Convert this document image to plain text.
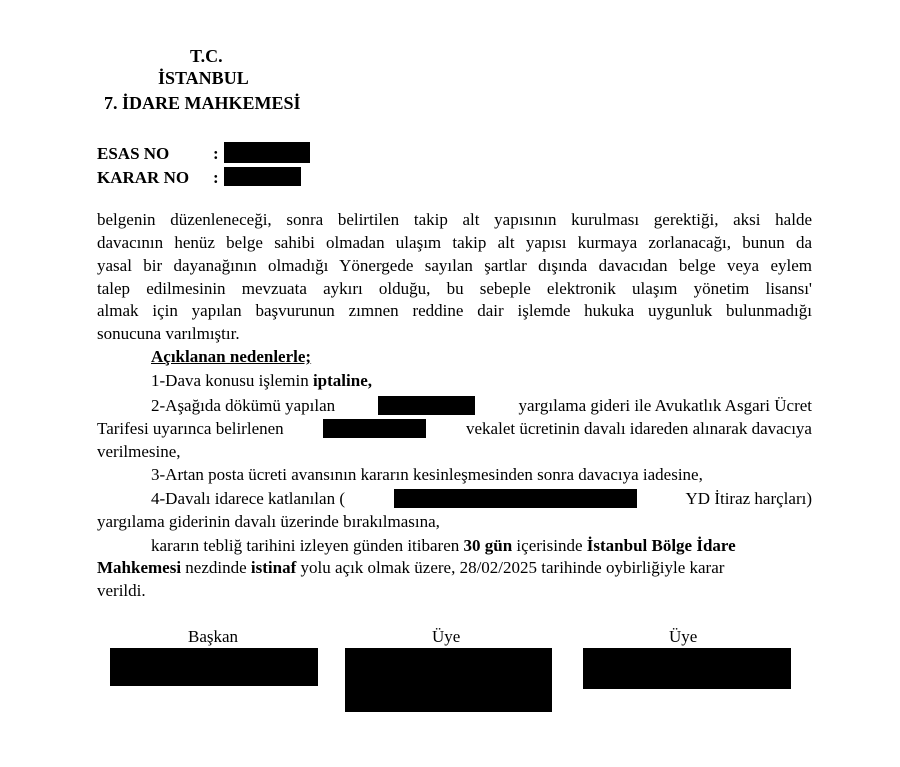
T.C.
İSTANBUL
7. İDARE MAHKEMESİ
ESAS NO	:
KARAR NO :
belgenin düzenleneceği, sonra belirtilen takip alt yapısının kurulması gerektiği, aksi halde
davacının henüz belge sahibi olmadan ulaşım takip alt yapısı kurmaya zorlanacağı, bunun da
yasal bir dayanağının olmadığı Yönergede sayılan şartlar dışında davacıdan belge veya eylem
talep edilmesinin mevzuata aykırı olduğu, bu sebeple elektronik ulaşım yönetim lisansı'
almak için yapılan başvurunun zımnen reddine dair işlemde hukuka uygunluk bulunmadığı
sonucuna varılmıştır.
Açıklanan nedenlerle;
1-Dava konusu işlemin iptaline,
2-Aşağıda dökümü yapılan	yargılama gideri ile Avukatlık Asgari Ücret
Tarifesi uyarınca belirlenen	vekalet ücretinin davalı idareden alınarak davacıya
verilmesine,
3-Artan posta ücreti avansının kararın kesinleşmesinden sonra davacıya iadesine,
4-Davalı idarece katlanılan (	YD İtiraz harçları)
yargılama giderinin davalı üzerinde bırakılmasına,
kararın tebliğ tarihini izleyen günden itibaren 30 gün içerisinde İstanbul Bölge İdare
Mahkemesi nezdinde istinaf yolu açık olmak üzere, 28/02/2025 tarihinde oybirliğiyle karar
verildi.
Başkan	Üye	Üye
